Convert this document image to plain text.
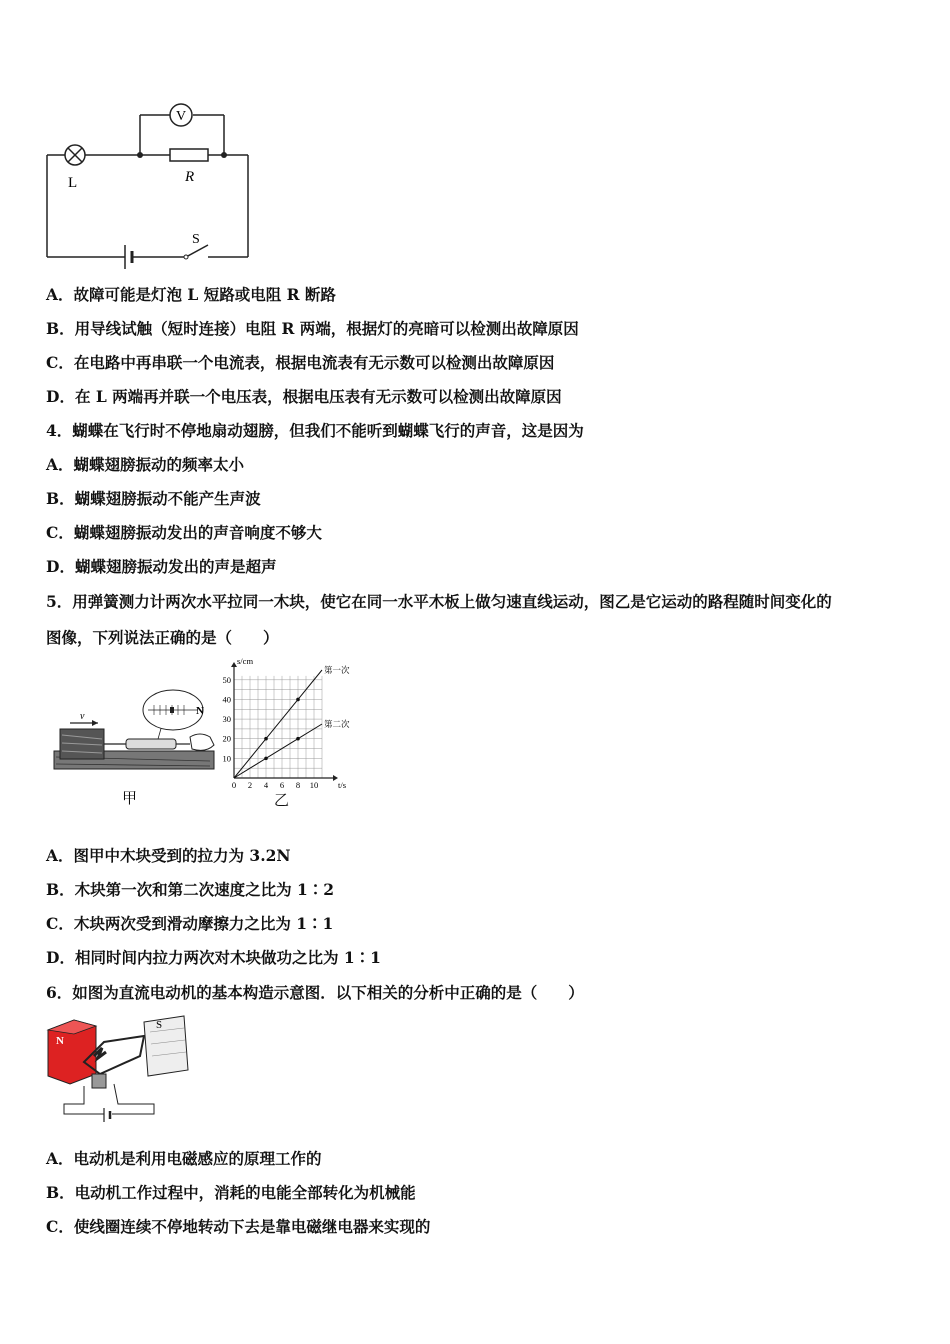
V
L	R
S
A．故障可能是灯泡 L 短路或电阻 R 断路
B．用导线试触（短时连接）电阻 R 两端，根据灯的亮暗可以检测出故障原因
C．在电路中再串联一个电流表，根据电流表有无示数可以检测出故障原因
D．在 L 两端再并联一个电压表，根据电压表有无示数可以检测出故障原因
4．蝴蝶在飞行时不停地扇动翅膀，但我们不能听到蝴蝶飞行的声音，这是因为
A．蝴蝶翅膀振动的频率太小
B．蝴蝶翅膀振动不能产生声波
C．蝴蝶翅膀振动发出的声音响度不够大
D．蝴蝶翅膀振动发出的声是超声
5．用弹簧测力计两次水平拉同一木块，使它在同一水平木板上做匀速直线运动，图乙是它运动的路程随时间变化的
图像，下列说法正确的是（　　）
v	N
甲
0 2 4 6 8 10
10
20
30
40
50
s/cm
t/s
第一次
第二次
乙
A．图甲中木块受到的拉力为 3.2N
B．木块第一次和第二次速度之比为 1∶2
C．木块两次受到滑动摩擦力之比为 1∶1
D．相同时间内拉力两次对木块做功之比为 1∶1
6．如图为直流电动机的基本构造示意图．以下相关的分析中正确的是（　　）
N
S
A．电动机是利用电磁感应的原理工作的
B．电动机工作过程中，消耗的电能全部转化为机械能
C．使线圈连续不停地转动下去是靠电磁继电器来实现的
